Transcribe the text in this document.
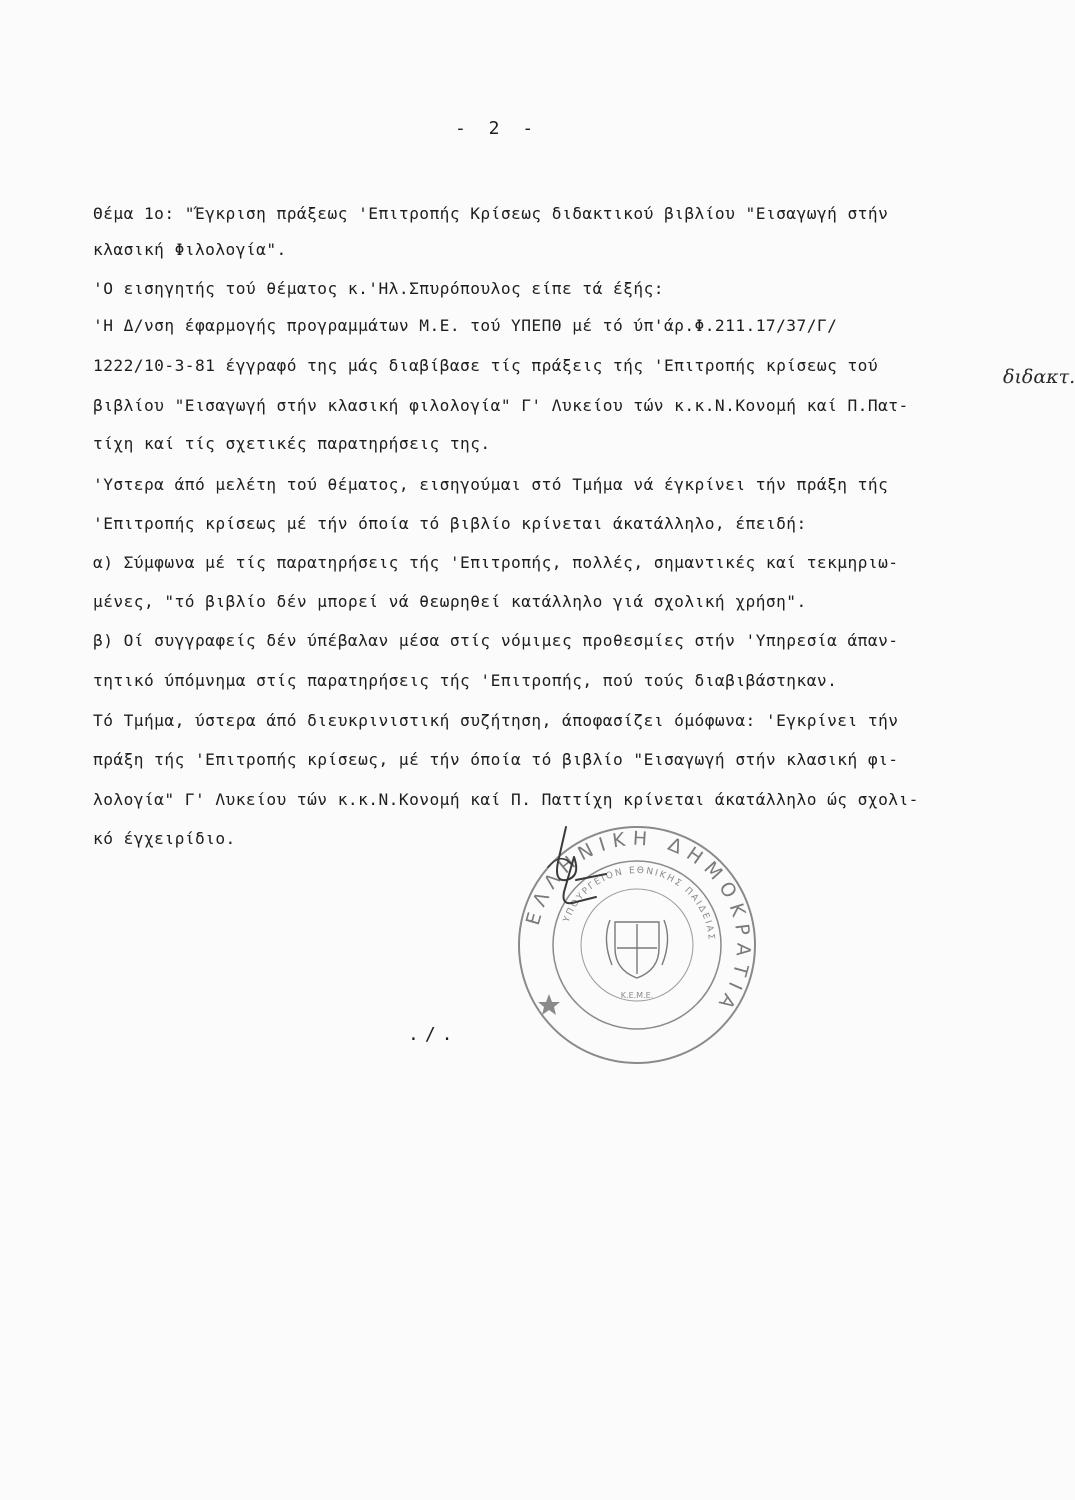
- 2 -
Θέμα 1ο: "Έγκριση πράξεως 'Επιτροπής Κρίσεως διδακτικού βιβλίου "Εισαγωγή στήν
κλασική Φιλολογία".
'Ο εισηγητής τού θέματος κ.'Ηλ.Σπυρόπουλος είπε τά έξής:
'Η Δ/νση έφαρμογής προγραμμάτων Μ.Ε. τού ΥΠΕΠΘ μέ τό ύπ'άρ.Φ.211.17/37/Γ/
1222/10-3-81 έγγραφό της μάς διαβίβασε τίς πράξεις τής 'Επιτροπής κρίσεως τού
βιβλίου "Εισαγωγή στήν κλασική φιλολογία" Γ' Λυκείου τών κ.κ.Ν.Κονομή καί Π.Πατ-
τίχη καί τίς σχετικές παρατηρήσεις της.
'Υστερα άπό μελέτη τού θέματος, εισηγούμαι στό Τμήμα νά έγκρίνει τήν πράξη τής
'Επιτροπής κρίσεως μέ τήν όποία τό βιβλίο κρίνεται άκατάλληλο, έπειδή:
α) Σύμφωνα μέ τίς παρατηρήσεις τής 'Επιτροπής, πολλές, σημαντικές καί τεκμηριω-
μένες, "τό βιβλίο δέν μπορεί νά θεωρηθεί κατάλληλο γιά σχολική χρήση".
β) Οί συγγραφείς δέν ύπέβαλαν μέσα στίς νόμιμες προθεσμίες στήν 'Υπηρεσία άπαν-
τητικό ύπόμνημα στίς παρατηρήσεις τής 'Επιτροπής, πού τούς διαβιβάστηκαν.
Τό Τμήμα, ύστερα άπό διευκρινιστική συζήτηση, άποφασίζει όμόφωνα: 'Εγκρίνει τήν
πράξη τής 'Επιτροπής κρίσεως, μέ τήν όποία τό βιβλίο "Εισαγωγή στήν κλασική φι-
λολογία" Γ' Λυκείου τών κ.κ.Ν.Κονομή καί Π. Παττίχη κρίνεται άκατάλληλο ώς σχολι-
κό έγχειρίδιο.
διδακτ.
ΕΛΛΗΝΙΚΗ ΔΗΜΟΚΡΑΤΙΑ
ΥΠΟΥΡΓΕΙΟΝ ΕΘΝΙΚΗΣ ΠΑΙΔΕΙΑΣ
Κ.Ε.Μ.Ε.
./.
